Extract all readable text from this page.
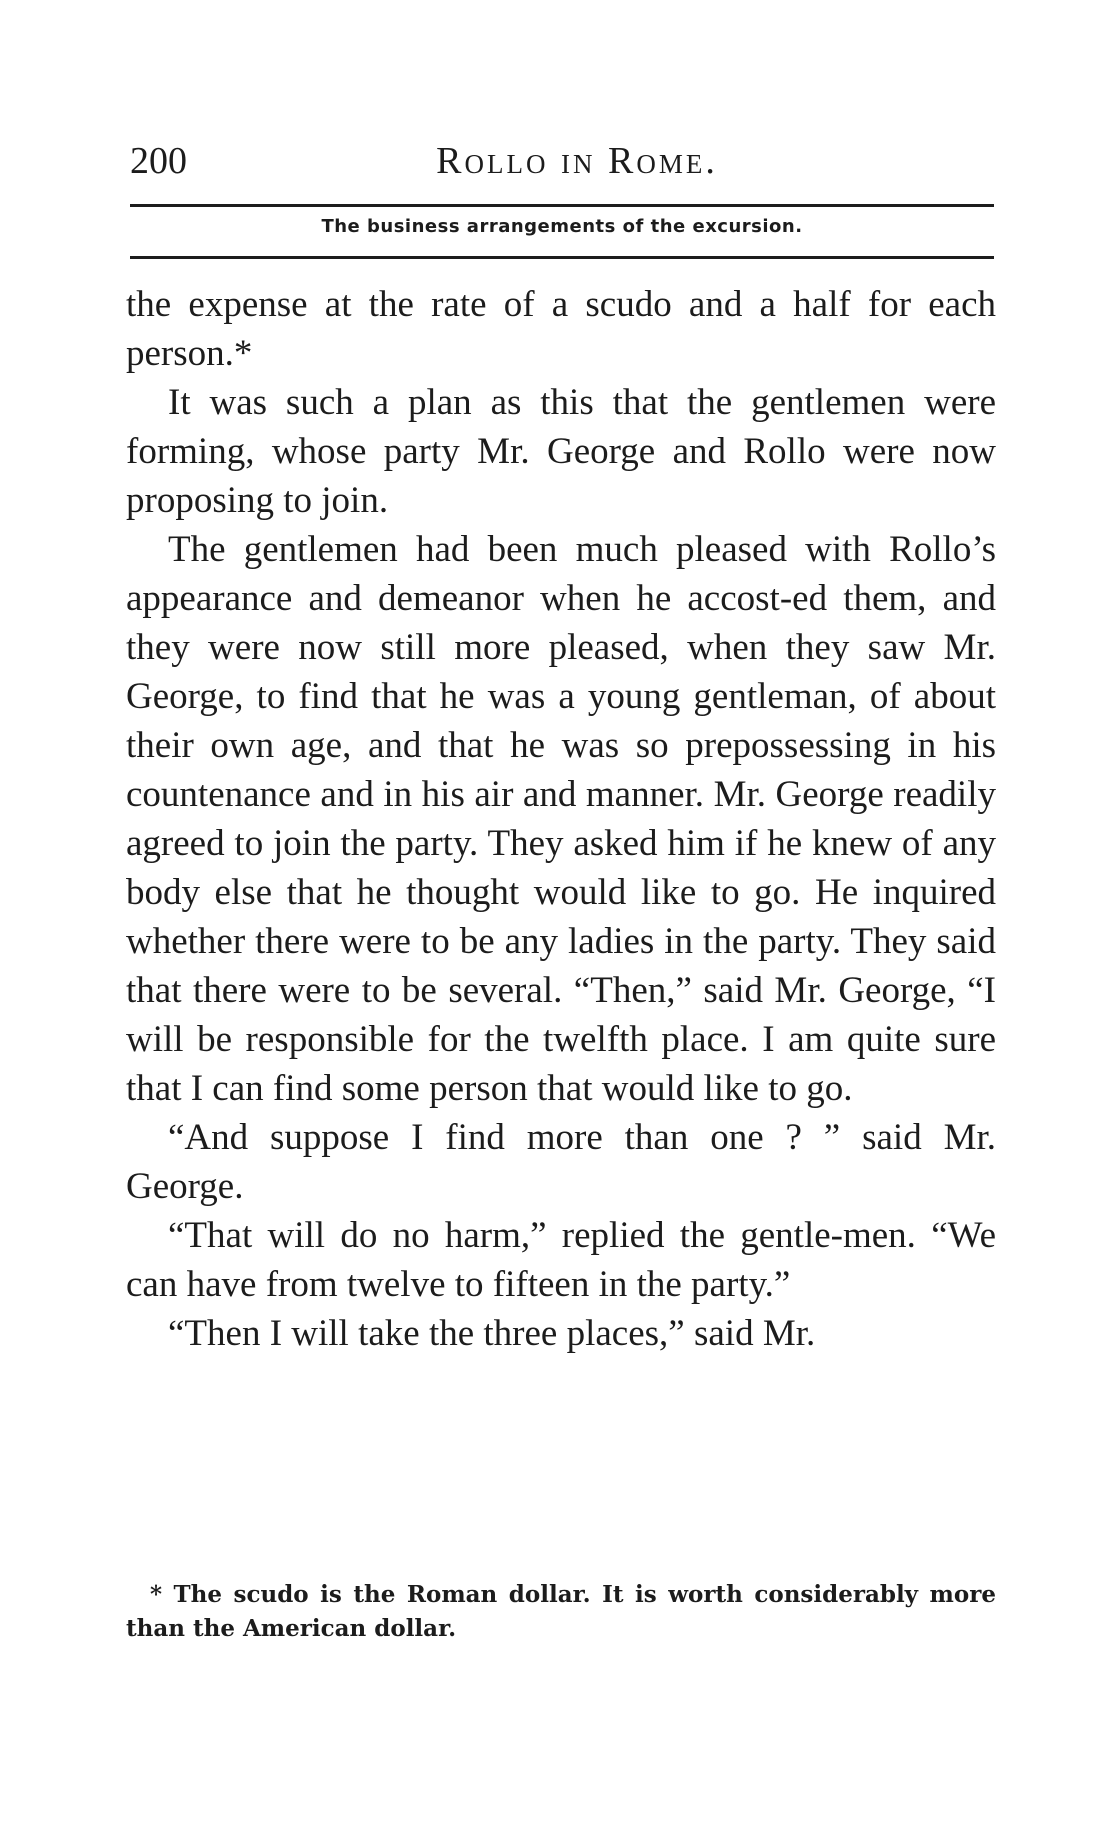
200	Rollo in Rome.
The business arrangements of the excursion.

the expense at the rate of a scudo and a half for each person.*

It was such a plan as this that the gentlemen were forming, whose party Mr. George and Rollo were now proposing to join.

The gentlemen had been much pleased with Rollo’s appearance and demeanor when he accost-ed them, and they were now still more pleased, when they saw Mr. George, to find that he was a young gentleman, of about their own age, and that he was so prepossessing in his countenance and in his air and manner. Mr. George readily agreed to join the party. They asked him if he knew of any body else that he thought would like to go. He inquired whether there were to be any ladies in the party. They said that there were to be several. “Then,” said Mr. George, “I will be responsible for the twelfth place. I am quite sure that I can find some person that would like to go.

“And suppose I find more than one ? ” said Mr. George.

“That will do no harm,” replied the gentle-men. “We can have from twelve to fifteen in the party.”

“Then I will take the three places,” said Mr.

* The scudo is the Roman dollar. It is worth considerably more than the American dollar.
